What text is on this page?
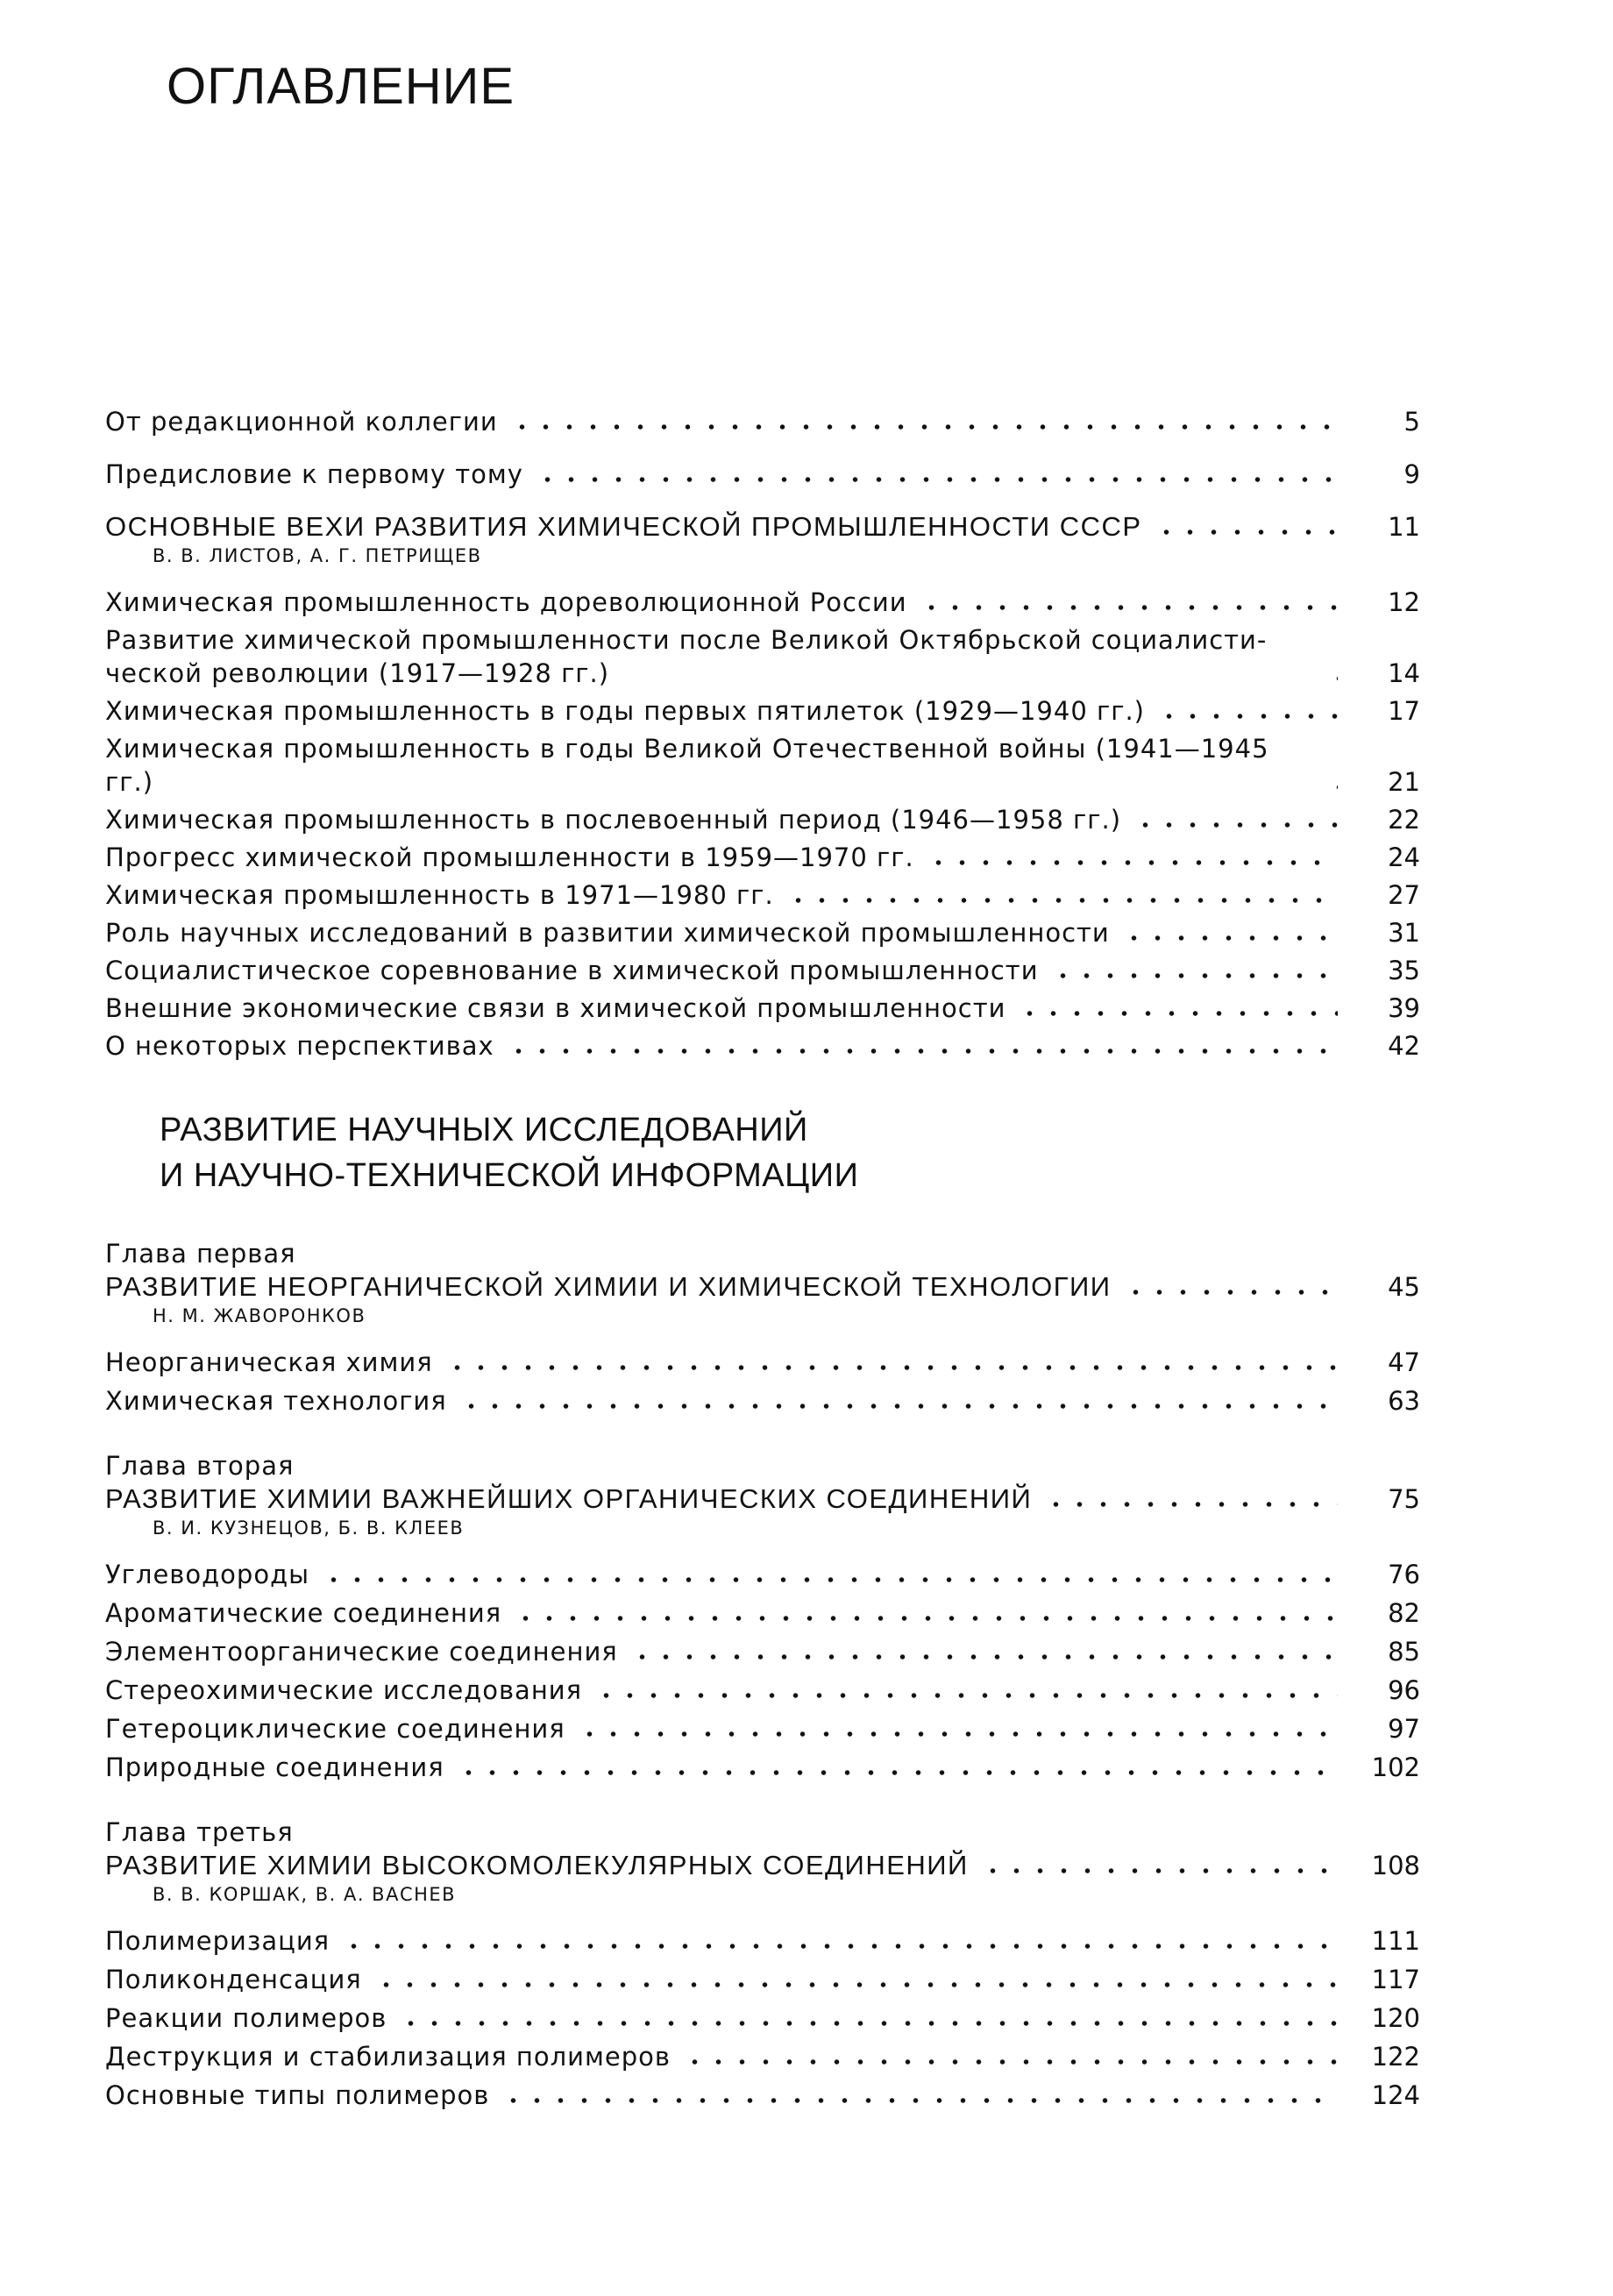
ОГЛАВЛЕНИЕ
От редакционной коллегии	5
Предисловие к первому тому	9
ОСНОВНЫЕ ВЕХИ РАЗВИТИЯ ХИМИЧЕСКОЙ ПРОМЫШЛЕННОСТИ СССР	11
В. В. ЛИСТОВ, А. Г. ПЕТРИЩЕВ
Химическая промышленность дореволюционной России	12
Развитие химической промышленности после Великой Октябрьской социалисти-ческой революции (1917—1928 гг.)	14
Химическая промышленность в годы первых пятилеток (1929—1940 гг.)	17
Химическая промышленность в годы Великой Отечественной войны (1941—1945 гг.)	21
Химическая промышленность в послевоенный период (1946—1958 гг.)	22
Прогресс химической промышленности в 1959—1970 гг.	24
Химическая промышленность в 1971—1980 гг.	27
Роль научных исследований в развитии химической промышленности	31
Социалистическое соревнование в химической промышленности	35
Внешние экономические связи в химической промышленности	39
О некоторых перспективах	42
РАЗВИТИЕ НАУЧНЫХ ИССЛЕДОВАНИЙ
И НАУЧНО-ТЕХНИЧЕСКОЙ ИНФОРМАЦИИ
Глава первая
РАЗВИТИЕ НЕОРГАНИЧЕСКОЙ ХИМИИ И ХИМИЧЕСКОЙ ТЕХНОЛОГИИ	45
Н. М. ЖАВОРОНКОВ
Неорганическая химия	47
Химическая технология	63
Глава вторая
РАЗВИТИЕ ХИМИИ ВАЖНЕЙШИХ ОРГАНИЧЕСКИХ СОЕДИНЕНИЙ	75
В. И. КУЗНЕЦОВ, Б. В. КЛЕЕВ
Углеводороды	76
Ароматические соединения	82
Элементоорганические соединения	85
Стереохимические исследования	96
Гетероциклические соединения	97
Природные соединения	102
Глава третья
РАЗВИТИЕ ХИМИИ ВЫСОКОМОЛЕКУЛЯРНЫХ СОЕДИНЕНИЙ	108
В. В. КОРШАК, В. А. ВАСНЕВ
Полимеризация	111
Поликонденсация	117
Реакции полимеров	120
Деструкция и стабилизация полимеров	122
Основные типы полимеров	124
